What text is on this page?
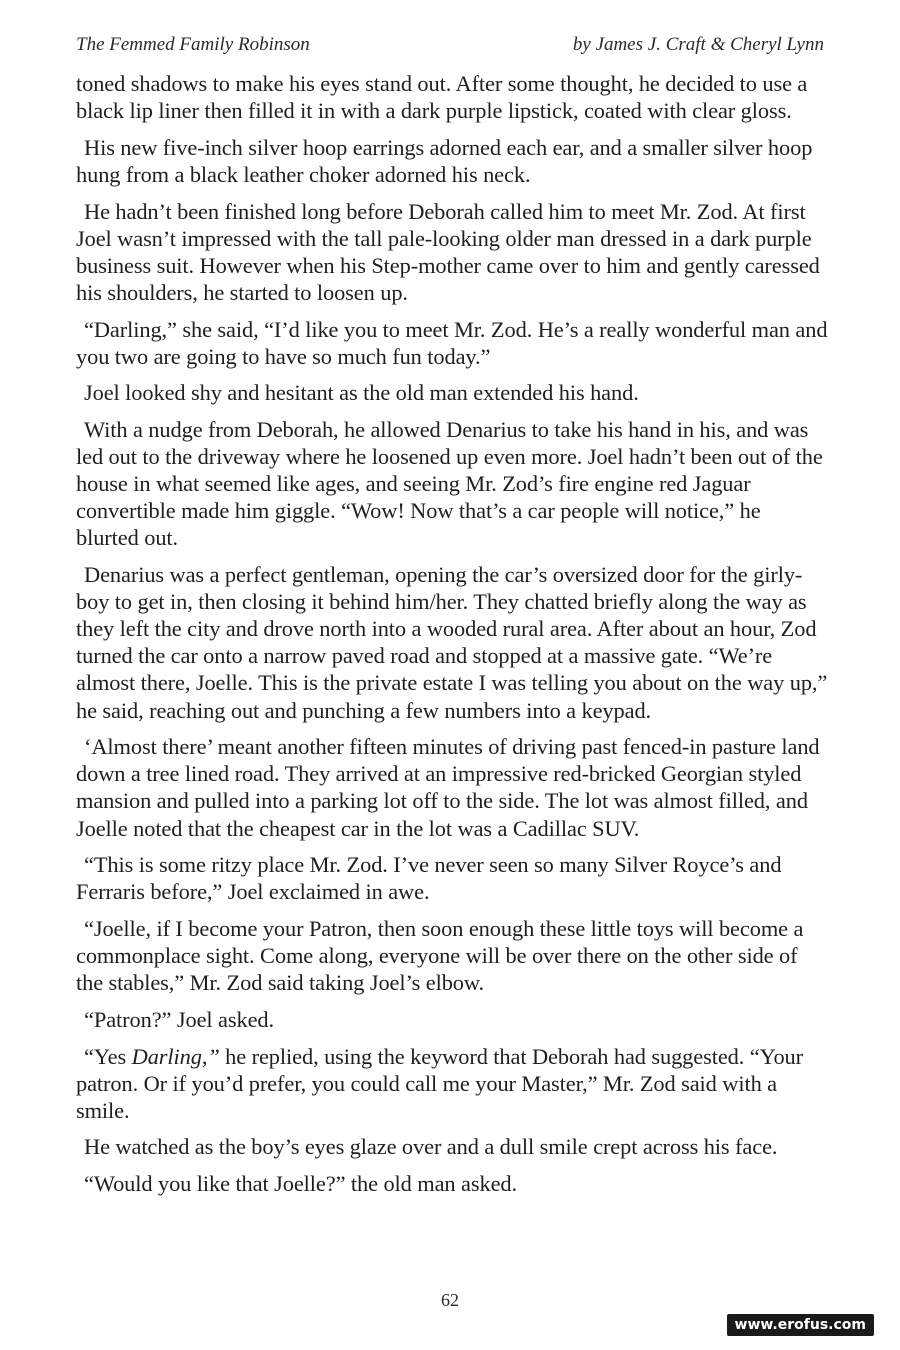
The Femmed Family Robinson	by James J. Craft & Cheryl Lynn

toned shadows to make his eyes stand out. After some thought, he decided to use a black lip liner then filled it in with a dark purple lipstick, coated with clear gloss.

His new five-inch silver hoop earrings adorned each ear, and a smaller silver hoop hung from a black leather choker adorned his neck.

He hadn’t been finished long before Deborah called him to meet Mr. Zod. At first Joel wasn’t impressed with the tall pale-looking older man dressed in a dark purple business suit. However when his Step-mother came over to him and gently caressed his shoulders, he started to loosen up.

“Darling,” she said, “I’d like you to meet Mr. Zod. He’s a really wonderful man and you two are going to have so much fun today.”

Joel looked shy and hesitant as the old man extended his hand.

With a nudge from Deborah, he allowed Denarius to take his hand in his, and was led out to the driveway where he loosened up even more. Joel hadn’t been out of the house in what seemed like ages, and seeing Mr. Zod’s fire engine red Jaguar convertible made him giggle. “Wow! Now that’s a car people will notice,” he blurted out.

Denarius was a perfect gentleman, opening the car’s oversized door for the girly-boy to get in, then closing it behind him/her. They chatted briefly along the way as they left the city and drove north into a wooded rural area. After about an hour, Zod turned the car onto a narrow paved road and stopped at a massive gate. “We’re almost there, Joelle. This is the private estate I was telling you about on the way up,” he said, reaching out and punching a few numbers into a keypad.

‘Almost there’ meant another fifteen minutes of driving past fenced-in pasture land down a tree lined road. They arrived at an impressive red-bricked Georgian styled mansion and pulled into a parking lot off to the side. The lot was almost filled, and Joelle noted that the cheapest car in the lot was a Cadillac SUV.

“This is some ritzy place Mr. Zod. I’ve never seen so many Silver Royce’s and Ferraris before,” Joel exclaimed in awe.

“Joelle, if I become your Patron, then soon enough these little toys will become a commonplace sight. Come along, everyone will be over there on the other side of the stables,” Mr. Zod said taking Joel’s elbow.

“Patron?” Joel asked.

“Yes Darling,” he replied, using the keyword that Deborah had suggested. “Your patron. Or if you’d prefer, you could call me your Master,” Mr. Zod said with a smile.

He watched as the boy’s eyes glaze over and a dull smile crept across his face.

“Would you like that Joelle?” the old man asked.

62
www.erofus.com
